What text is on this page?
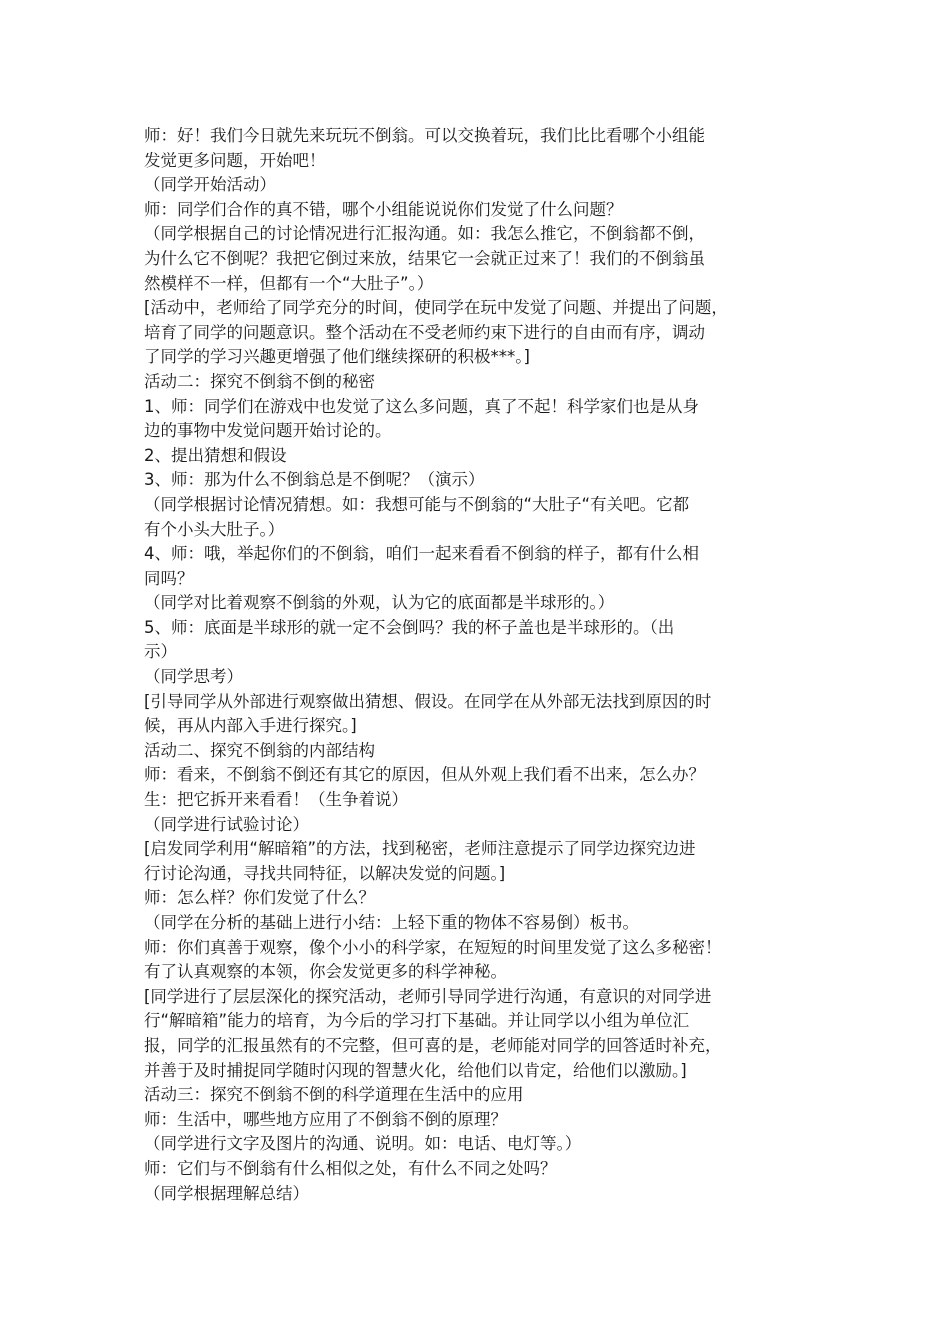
师：好！我们今日就先来玩玩不倒翁。可以交换着玩，我们比比看哪个小组能
发觉更多问题，开始吧！
（同学开始活动）
师：同学们合作的真不错，哪个小组能说说你们发觉了什么问题？
（同学根据自己的讨论情况进行汇报沟通。如：我怎么推它，不倒翁都不倒，
为什么它不倒呢？我把它倒过来放，结果它一会就正过来了！我们的不倒翁虽
然模样不一样，但都有一个“大肚子”。）
[活动中，老师给了同学充分的时间，使同学在玩中发觉了问题、并提出了问题，
培育了同学的问题意识。整个活动在不受老师约束下进行的自由而有序，调动
了同学的学习兴趣更增强了他们继续探研的积极***。]
活动二：探究不倒翁不倒的秘密
1、师：同学们在游戏中也发觉了这么多问题，真了不起！科学家们也是从身
边的事物中发觉问题开始讨论的。
2、提出猜想和假设
3、师：那为什么不倒翁总是不倒呢？（演示）
（同学根据讨论情况猜想。如：我想可能与不倒翁的“大肚子“有关吧。它都
有个小头大肚子。）
4、师：哦，举起你们的不倒翁，咱们一起来看看不倒翁的样子，都有什么相
同吗？
（同学对比着观察不倒翁的外观，认为它的底面都是半球形的。）
5、师：底面是半球形的就一定不会倒吗？我的杯子盖也是半球形的。（出
示）
（同学思考）
[引导同学从外部进行观察做出猜想、假设。在同学在从外部无法找到原因的时
候，再从内部入手进行探究。]
活动二、探究不倒翁的内部结构
师：看来，不倒翁不倒还有其它的原因，但从外观上我们看不出来，怎么办？
生：把它拆开来看看！（生争着说）
（同学进行试验讨论）
[启发同学利用“解暗箱”的方法，找到秘密，老师注意提示了同学边探究边进
行讨论沟通，寻找共同特征，以解决发觉的问题。]
师：怎么样？你们发觉了什么？
（同学在分析的基础上进行小结：上轻下重的物体不容易倒）板书。
师：你们真善于观察，像个小小的科学家，在短短的时间里发觉了这么多秘密！
有了认真观察的本领，你会发觉更多的科学神秘。
[同学进行了层层深化的探究活动，老师引导同学进行沟通，有意识的对同学进
行“解暗箱”能力的培育，为今后的学习打下基础。并让同学以小组为单位汇
报，同学的汇报虽然有的不完整，但可喜的是，老师能对同学的回答适时补充，
并善于及时捕捉同学随时闪现的智慧火化，给他们以肯定，给他们以激励。]
活动三：探究不倒翁不倒的科学道理在生活中的应用
师：生活中，哪些地方应用了不倒翁不倒的原理？
（同学进行文字及图片的沟通、说明。如：电话、电灯等。）
师：它们与不倒翁有什么相似之处，有什么不同之处吗？
（同学根据理解总结）
